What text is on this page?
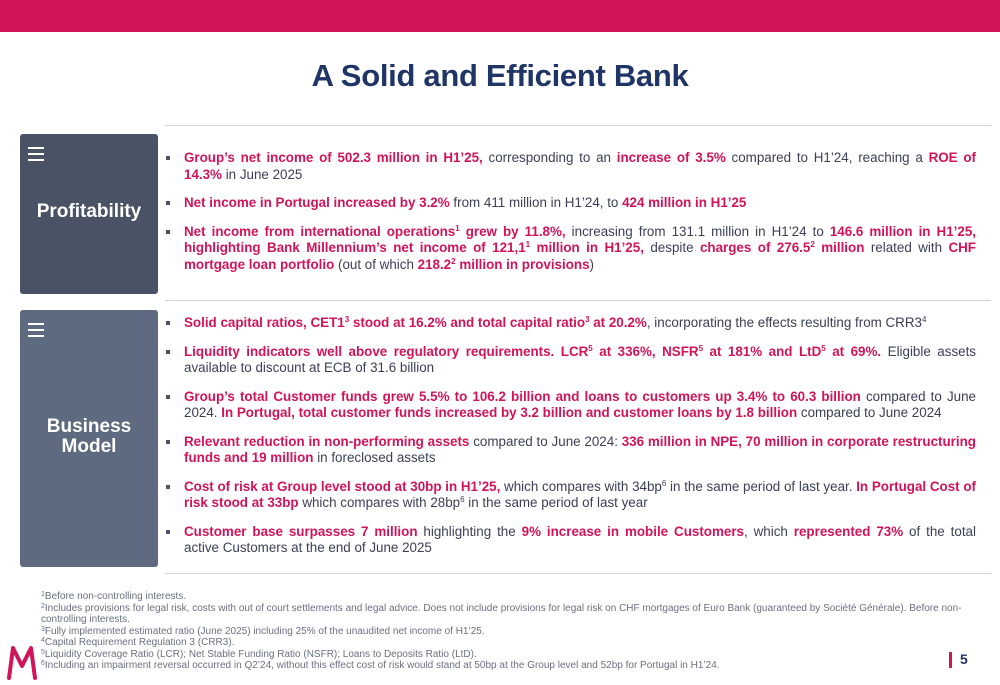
A Solid and Efficient Bank
Profitability
Group’s net income of 502.3 million in H1’25, corresponding to an increase of 3.5% compared to H1’24, reaching a ROE of 14.3% in June 2025
Net income in Portugal increased by 3.2% from 411 million in H1’24, to 424 million in H1’25
Net income from international operations$^1$ grew by 11.8%, increasing from 131.1 million in H1’24 to 146.6 million in H1’25, highlighting Bank Millennium’s net income of 121,1$^1$ million in H1’25, despite charges of 276.5$^2$ million related with CHF mortgage loan portfolio (out of which 218.2$^2$ million in provisions)
Business
Model
Solid capital ratios, $CET1^3$ stood at 16.2% and total capital ratio$^3$ at 20.2%, incorporating the effects resulting from $CRR3^4$
Liquidity indicators well above regulatory requirements. LCR$^5$ at 336%, NSFR$^5$ at 181% and LtD$^5$ at 69%. Eligible assets available to discount at ECB of 31.6 billion
Group’s total Customer funds grew 5.5% to 106.2 billion and loans to customers up 3.4% to 60.3 billion compared to June 2024. In Portugal, total customer funds increased by 3.2 billion and customer loans by 1.8 billion compared to June 2024
Relevant reduction in non-performing assets compared to June 2024: 336 million in NPE, 70 million in corporate restructuring funds and 19 million in foreclosed assets
Cost of risk at Group level stood at 30bp in H1’25, which compares with $34bp^6$ in the same period of last year. In Portugal Cost of risk stood at 33bp which compares with $28bp^6$ in the same period of last year
Customer base surpasses 7 million highlighting the 9% increase in mobile Customers, which represented 73% of the total active Customers at the end of June 2025
$^1$Before non-controlling interests.
$^2$Includes provisions for legal risk, costs with out of court settlements and legal advice. Does not include provisions for legal risk on CHF mortgages of Euro Bank (guaranteed by Société Générale). Before non-controlling interests.
$^3$Fully implemented estimated ratio (June 2025) including 25% of the unaudited net income of H1’25.
$^4$Capital Requirement Regulation 3 (CRR3).
$^5$Liquidity Coverage Ratio (LCR); Net Stable Funding Ratio (NSFR); Loans to Deposits Ratio (LtD).
$^6$Including an impairment reversal occurred in Q2’24, without this effect cost of risk would stand at 50bp at the Group level and 52bp for Portugal in H1’24.	5
